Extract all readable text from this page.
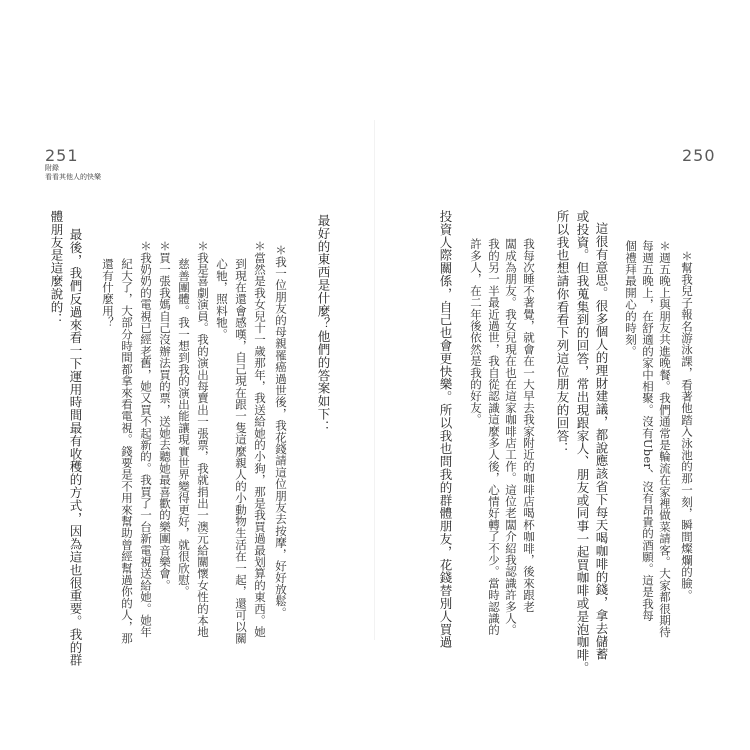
251
附錄
看看其他人的快樂
250
＊幫我兒子報名游泳課，看著他踏入泳池的那一刻，瞬間燦爛的臉。
＊週五晚上與朋友共進晚餐。我們通常是輪流在家裡做菜請客。大家都很期待
每週五晚上，在舒適的家中相聚。沒有Uber、沒有昂貴的酒願。這是我每
個禮拜最開心的時刻。
這很有意思。很多個人的理財建議，都說應該省下每天喝咖啡的錢，拿去儲蓄
或投資。但我蒐集到的回答，常出現跟家人、朋友或同事一起買咖啡或是泡咖啡。
所以我也想請你看看下列這位朋友的回答：
我每次睡不著覺，就會在一大早去我家附近的咖啡店喝杯咖啡，後來跟老
闆成為朋友。我女兒現在也在這家咖啡店工作。這位老闆介紹我認識許多人。
我的另一半最近過世，我自從認識這麼多人後，心情好轉了不少。當時認識的
許多人，在二年後依然是我的好友。
投資人際關係，自己也會更快樂。所以我也問我的群體朋友，花錢替別人買過
最好的東西是什麼？他們的答案如下：
＊我一位朋友的母親罹癌過世後，我花錢請這位朋友去按摩，好好放鬆。
＊當然是我女兒十一歲那年，我送給她的小狗，那是我買過最划算的東西。她
到現在還會感嘆，自己現在跟一隻這麼親人的小動物生活在一起，還可以關
心牠，照料牠。
＊我是喜劇演員。我的演出每賣出一張票，我就捐出一澳元給關懷女性的本地
慈善團體。我一想到我的演出能讓現實世界變得更好，就很欣慰。
＊買一張我媽自己沒辦法買的票，送她去聽她最喜歡的樂團音樂會。
＊我奶奶的電視已經老舊，她又買不起新的。我買了一台新電視送給她。她年
紀大了，大部分時間都拿來看電視。錢要是不用來幫助曾經幫過你的人，那
還有什麼用？
最後，我們反過來看一下運用時間最有收穫的方式，因為這也很重要。我的群
體朋友是這麼說的：
